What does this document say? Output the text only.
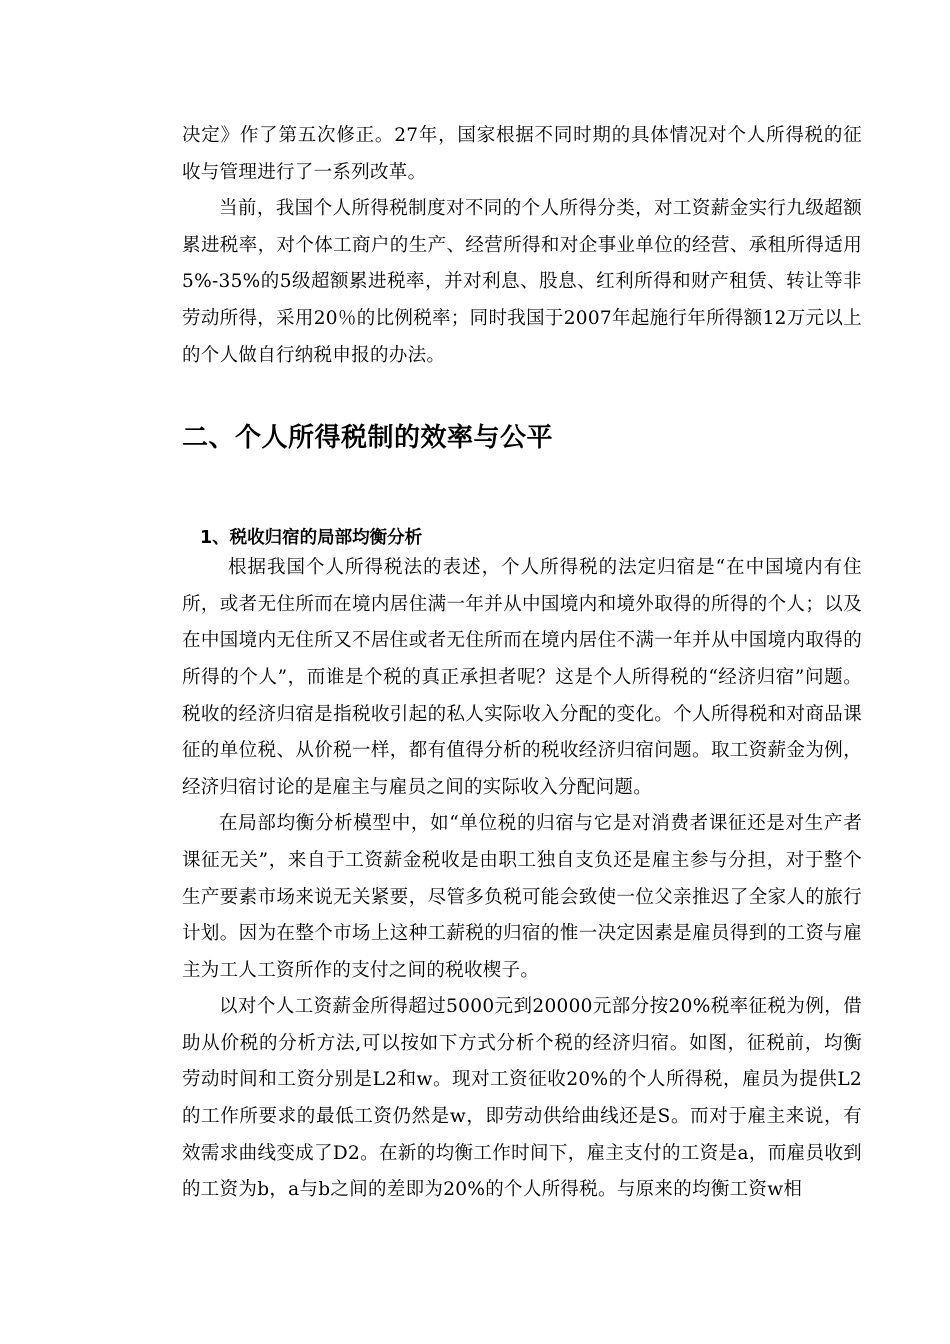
决定》作了第五次修正。27年，国家根据不同时期的具体情况对个人所得税的征收与管理进行了一系列改革。

当前，我国个人所得税制度对不同的个人所得分类，对工资薪金实行九级超额累进税率，对个体工商户的生产、经营所得和对企事业单位的经营、承租所得适用5%-35%的5级超额累进税率，并对利息、股息、红利所得和财产租赁、转让等非劳动所得，采用20％的比例税率；同时我国于2007年起施行年所得额12万元以上的个人做自行纳税申报的办法。

二、个人所得税制的效率与公平
1、税收归宿的局部均衡分析

根据我国个人所得税法的表述，个人所得税的法定归宿是“在中国境内有住所，或者无住所而在境内居住满一年并从中国境内和境外取得的所得的个人；以及在中国境内无住所又不居住或者无住所而在境内居住不满一年并从中国境内取得的所得的个人”，而谁是个税的真正承担者呢？这是个人所得税的“经济归宿”问题。税收的经济归宿是指税收引起的私人实际收入分配的变化。个人所得税和对商品课征的单位税、从价税一样，都有值得分析的税收经济归宿问题。取工资薪金为例，经济归宿讨论的是雇主与雇员之间的实际收入分配问题。

在局部均衡分析模型中，如“单位税的归宿与它是对消费者课征还是对生产者课征无关”，来自于工资薪金税收是由职工独自支负还是雇主参与分担，对于整个生产要素市场来说无关紧要，尽管多负税可能会致使一位父亲推迟了全家人的旅行计划。因为在整个市场上这种工薪税的归宿的惟一决定因素是雇员得到的工资与雇主为工人工资所作的支付之间的税收楔子。

以对个人工资薪金所得超过5000元到20000元部分按20%税率征税为例，借助从价税的分析方法,可以按如下方式分析个税的经济归宿。如图，征税前，均衡劳动时间和工资分别是L2和w。现对工资征收20%的个人所得税，雇员为提供L2的工作所要求的最低工资仍然是w，即劳动供给曲线还是S。而对于雇主来说，有效需求曲线变成了D2。在新的均衡工作时间下，雇主支付的工资是a，而雇员收到的工资为b，a与b之间的差即为20%的个人所得税。与原来的均衡工资w相
